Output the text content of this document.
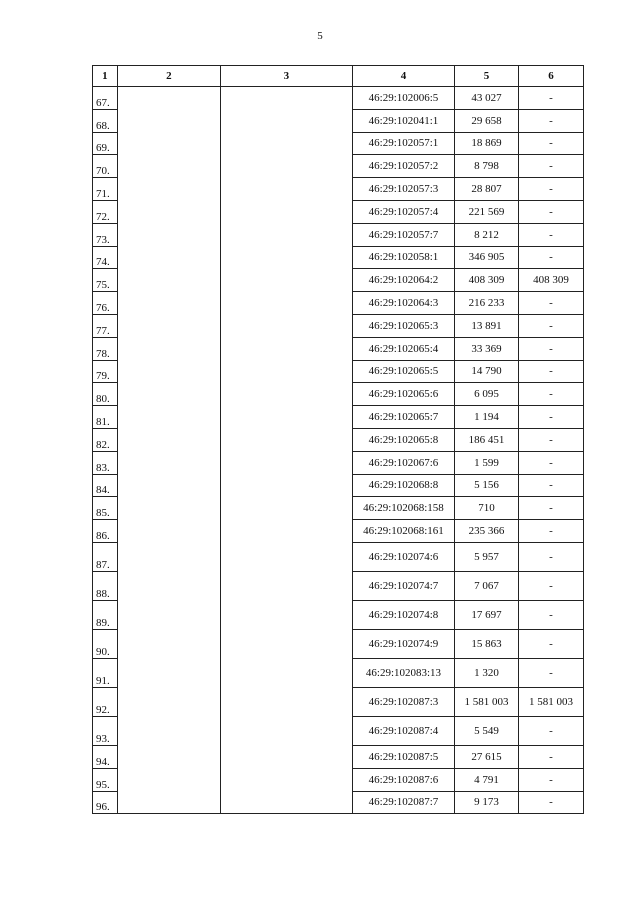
5
1	2	3	4	5	6
67.			46:29:102006:5	43 027	-
68.			46:29:102041:1	29 658	-
69.			46:29:102057:1	18 869	-
70.			46:29:102057:2	8 798	-
71.			46:29:102057:3	28 807	-
72.			46:29:102057:4	221 569	-
73.			46:29:102057:7	8 212	-
74.			46:29:102058:1	346 905	-
75.			46:29:102064:2	408 309	408 309
76.			46:29:102064:3	216 233	-
77.			46:29:102065:3	13 891	-
78.			46:29:102065:4	33 369	-
79.			46:29:102065:5	14 790	-
80.			46:29:102065:6	6 095	-
81.			46:29:102065:7	1 194	-
82.			46:29:102065:8	186 451	-
83.			46:29:102067:6	1 599	-
84.			46:29:102068:8	5 156	-
85.			46:29:102068:158	710	-
86.			46:29:102068:161	235 366	-
87.			46:29:102074:6	5 957	-
88.			46:29:102074:7	7 067	-
89.			46:29:102074:8	17 697	-
90.			46:29:102074:9	15 863	-
91.			46:29:102083:13	1 320	-
92.			46:29:102087:3	1 581 003	1 581 003
93.			46:29:102087:4	5 549	-
94.			46:29:102087:5	27 615	-
95.			46:29:102087:6	4 791	-
96.			46:29:102087:7	9 173	-
